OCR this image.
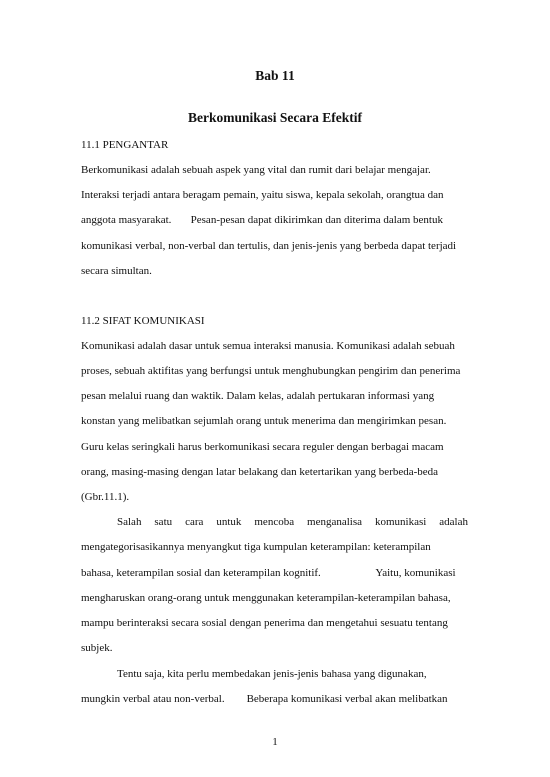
Bab 11
Berkomunikasi Secara Efektif
11.1 PENGANTAR
Berkomunikasi adalah sebuah aspek yang vital dan rumit dari belajar mengajar.
Interaksi terjadi antara beragam pemain, yaitu siswa, kepala sekolah, orangtua dan
anggota masyarakat.       Pesan-pesan dapat dikirimkan dan diterima dalam bentuk
komunikasi verbal, non-verbal dan tertulis, dan jenis-jenis yang berbeda dapat terjadi
secara simultan.
11.2 SIFAT KOMUNIKASI
Komunikasi adalah dasar untuk semua interaksi manusia. Komunikasi adalah sebuah
proses, sebuah aktifitas yang berfungsi untuk menghubungkan pengirim dan penerima
pesan melalui ruang dan waktik. Dalam kelas, adalah pertukaran informasi yang
konstan yang melibatkan sejumlah orang untuk menerima dan mengirimkan pesan.
Guru kelas seringkali harus berkomunikasi secara reguler dengan berbagai macam
orang, masing-masing dengan latar belakang dan ketertarikan yang berbeda-beda
(Gbr.11.1).
Salah satu cara untuk mencoba menganalisa komunikasi adalah
mengategorisasikannya menyangkut tiga kumpulan keterampilan: keterampilan
bahasa, keterampilan sosial dan keterampilan kognitif.                    Yaitu, komunikasi
mengharuskan orang-orang untuk menggunakan keterampilan-keterampilan bahasa,
mampu berinteraksi secara sosial dengan penerima dan mengetahui sesuatu tentang
subjek.
Tentu saja, kita perlu membedakan jenis-jenis bahasa yang digunakan,
mungkin verbal atau non-verbal.        Beberapa komunikasi verbal akan melibatkan
1
